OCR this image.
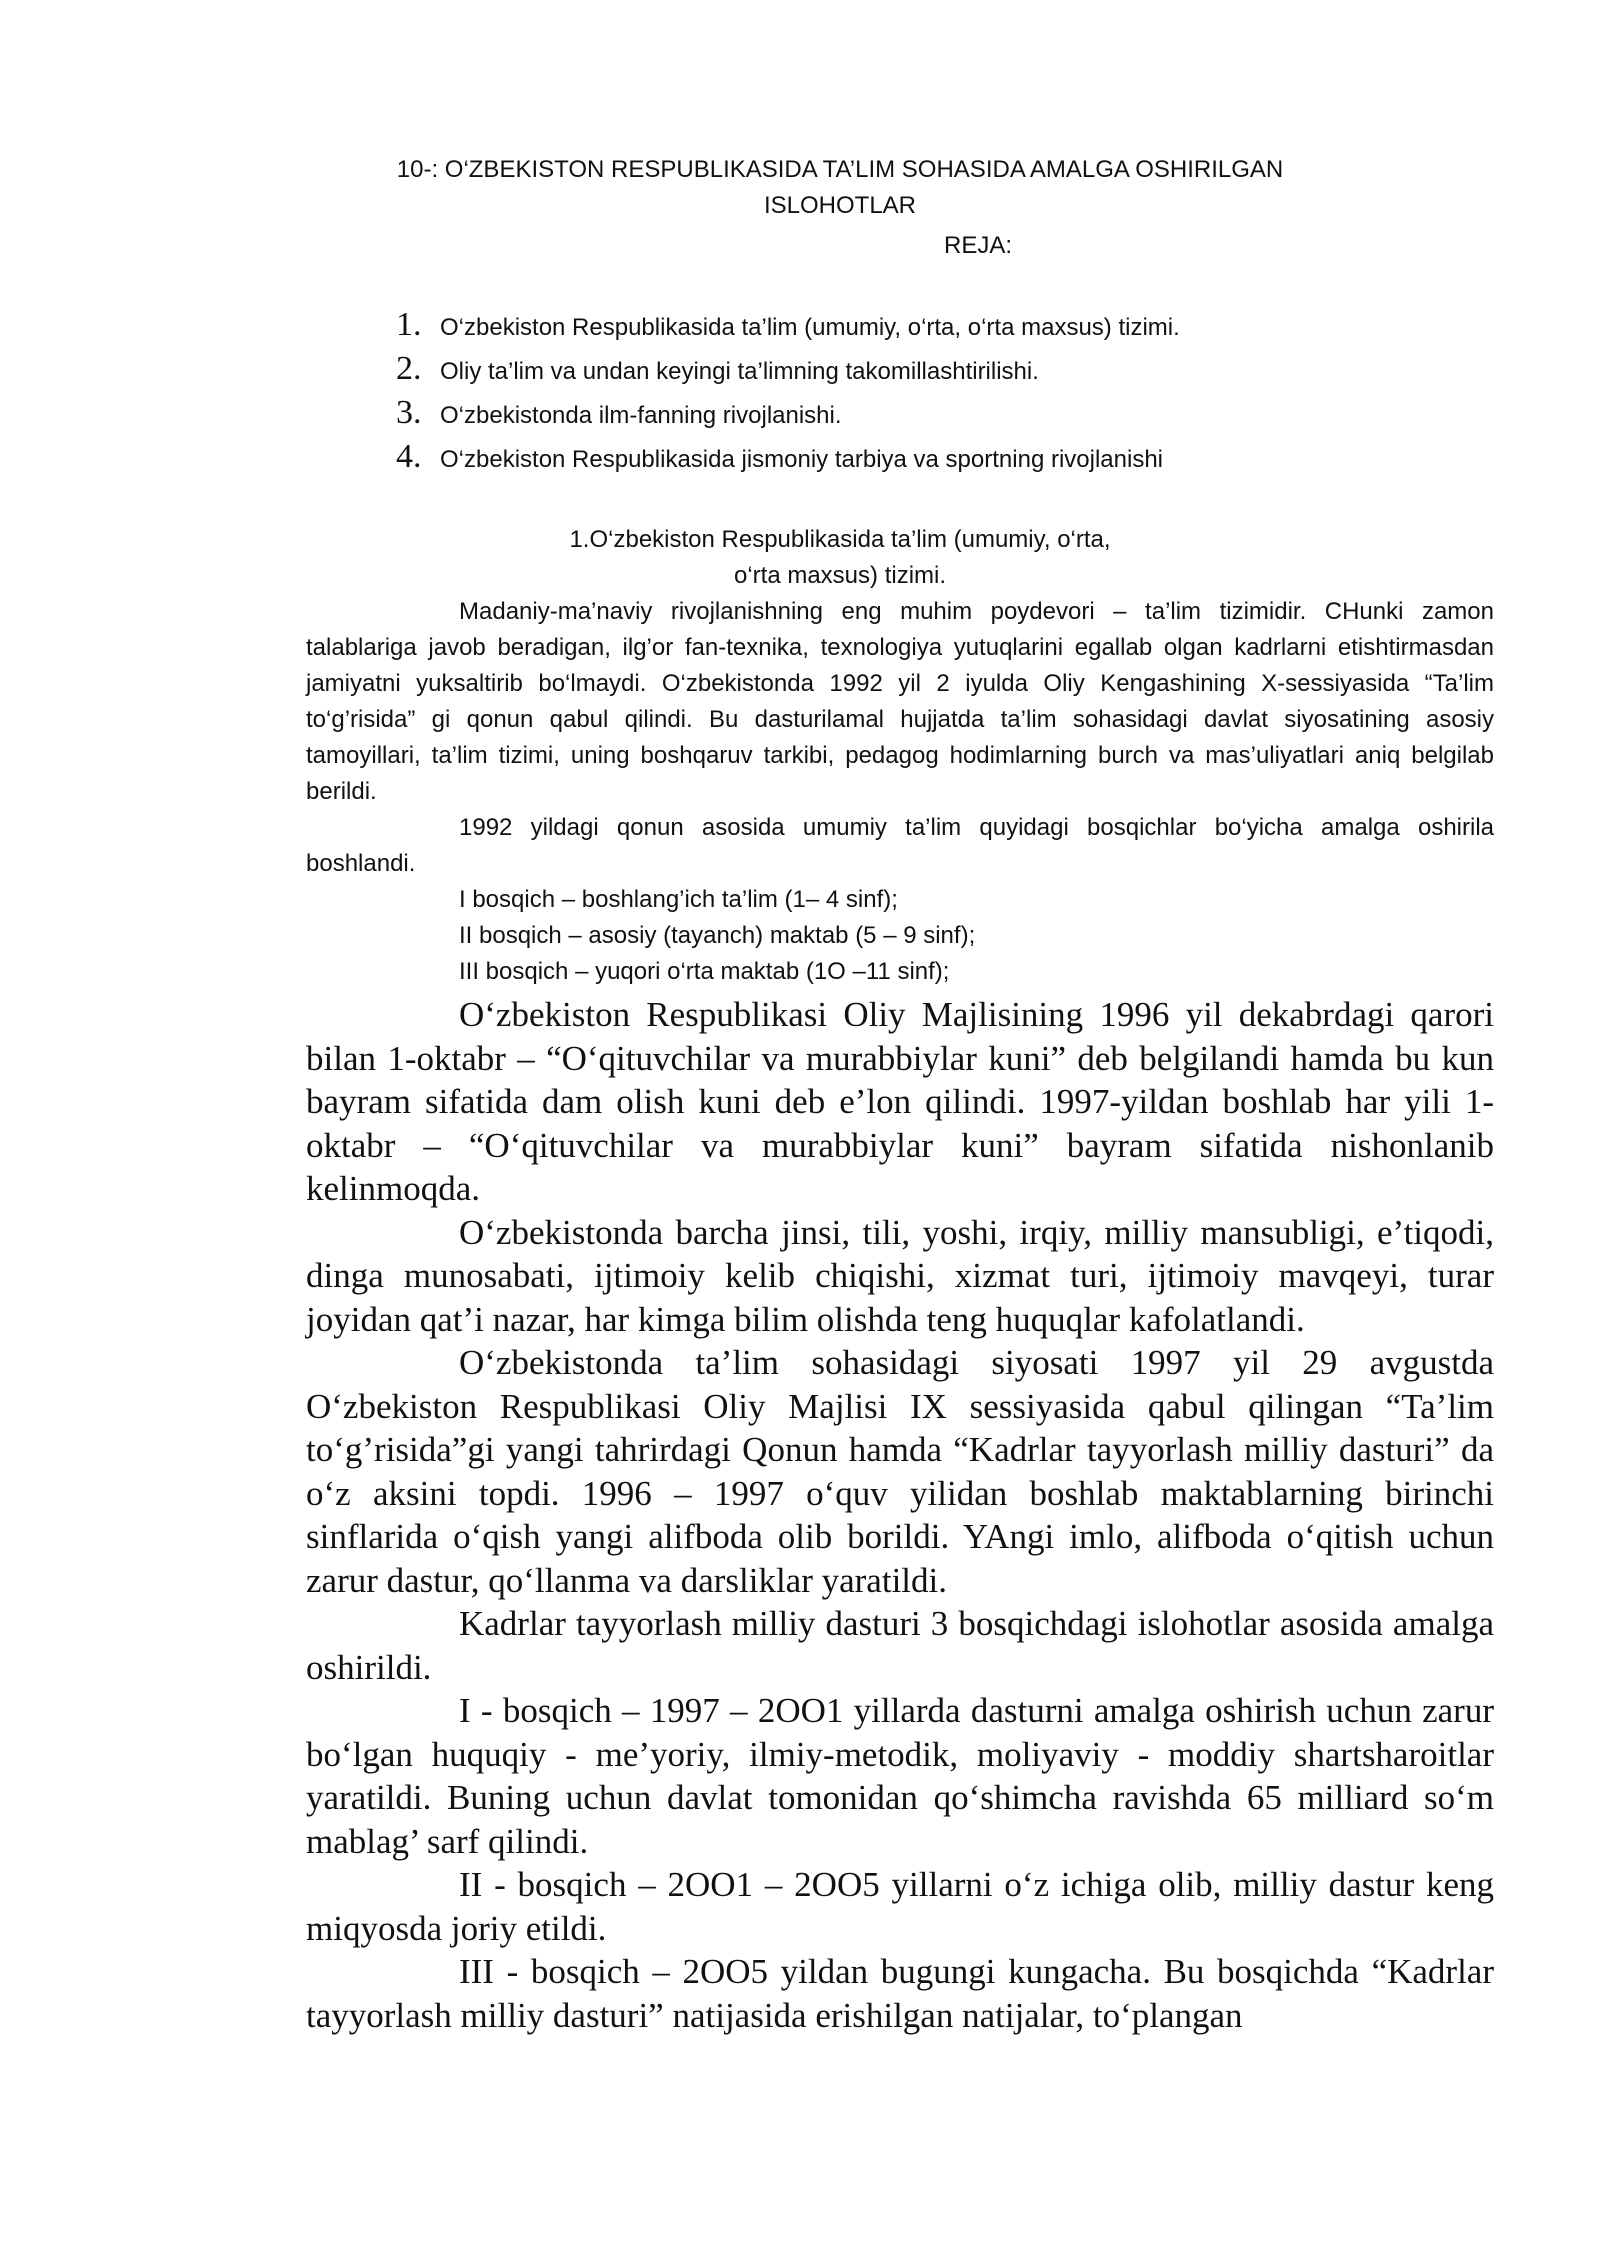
10-: O‘ZBEKISTON RESPUBLIKASIDA TA’LIM SOHASIDA AMALGA OSHIRILGAN
ISLOHOTLAR
REJA:
1. O‘zbekiston Respublikasida ta’lim (umumiy, o‘rta, o‘rta maxsus) tizimi.
2. Oliy ta’lim va undan keyingi ta’limning takomillashtirilishi.
3. O‘zbekistonda ilm-fanning rivojlanishi.
4. O‘zbekiston Respublikasida jismoniy tarbiya va sportning rivojlanishi
1.O‘zbekiston Respublikasida ta’lim (umumiy, o‘rta,
o‘rta maxsus) tizimi.

Madaniy-ma’naviy rivojlanishning eng muhim poydevori – ta’lim tizimidir. CHunki zamon talablariga javob beradigan, ilg’or fan-texnika, texnologiya yutuqlarini egallab olgan kadrlarni etishtirmasdan jamiyatni yuksaltirib bo‘lmaydi. O‘zbekistonda 1992 yil 2 iyulda Oliy Kengashining X-sessiyasida “Ta’lim to‘g’risida” gi qonun qabul qilindi. Bu dasturilamal hujjatda ta’lim sohasidagi davlat siyosatining asosiy tamoyillari, ta’lim tizimi, uning boshqaruv tarkibi, pedagog hodimlarning burch va mas’uliyatlari aniq belgilab berildi.

1992 yildagi qonun asosida umumiy ta’lim quyidagi bosqichlar bo‘yicha amalga oshirila boshlandi.

I bosqich – boshlang’ich ta’lim (1– 4 sinf);

II bosqich – asosiy (tayanch) maktab (5 – 9 sinf);

III bosqich – yuqori o‘rta maktab (1O –11 sinf);

O‘zbekiston Respublikasi Oliy Majlisining 1996 yil dekabrdagi qarori bilan 1-oktabr – “O‘qituvchilar va murabbiylar kuni” deb belgilandi hamda bu kun bayram sifatida dam olish kuni deb e’lon qilindi. 1997-yildan boshlab har yili 1-oktabr – “O‘qituvchilar va murabbiylar kuni” bayram sifatida nishonlanib kelinmoqda.

O‘zbekistonda barcha jinsi, tili, yoshi, irqiy, milliy mansubligi, e’tiqodi, dinga munosabati, ijtimoiy kelib chiqishi, xizmat turi, ijtimoiy mavqeyi, turar joyidan qat’i nazar, har kimga bilim olishda teng huquqlar kafolatlandi.

O‘zbekistonda ta’lim sohasidagi siyosati 1997 yil 29 avgustda O‘zbekiston Respublikasi Oliy Majlisi IX sessiyasida qabul qilingan “Ta’lim to‘g’risida”gi yangi tahrirdagi Qonun hamda “Kadrlar tayyorlash milliy dasturi” da o‘z aksini topdi. 1996 – 1997 o‘quv yilidan boshlab maktablarning birinchi sinflarida o‘qish yangi alifboda olib borildi. YAngi imlo, alifboda o‘qitish uchun zarur dastur, qo‘llanma va darsliklar yaratildi.

Kadrlar tayyorlash milliy dasturi 3 bosqichdagi islohotlar asosida amalga oshirildi.

I - bosqich – 1997 – 2OO1 yillarda dasturni amalga oshirish uchun zarur bo‘lgan huquqiy - me’yoriy, ilmiy-metodik, moliyaviy - moddiy shartsharoitlar yaratildi. Buning uchun davlat tomonidan qo‘shimcha ravishda 65 milliard so‘m mablag’ sarf qilindi.

II - bosqich – 2OO1 – 2OO5 yillarni o‘z ichiga olib, milliy dastur keng miqyosda joriy etildi.

III - bosqich – 2OO5 yildan bugungi kungacha. Bu bosqichda “Kadrlar tayyorlash milliy dasturi” natijasida erishilgan natijalar, to‘plangan
